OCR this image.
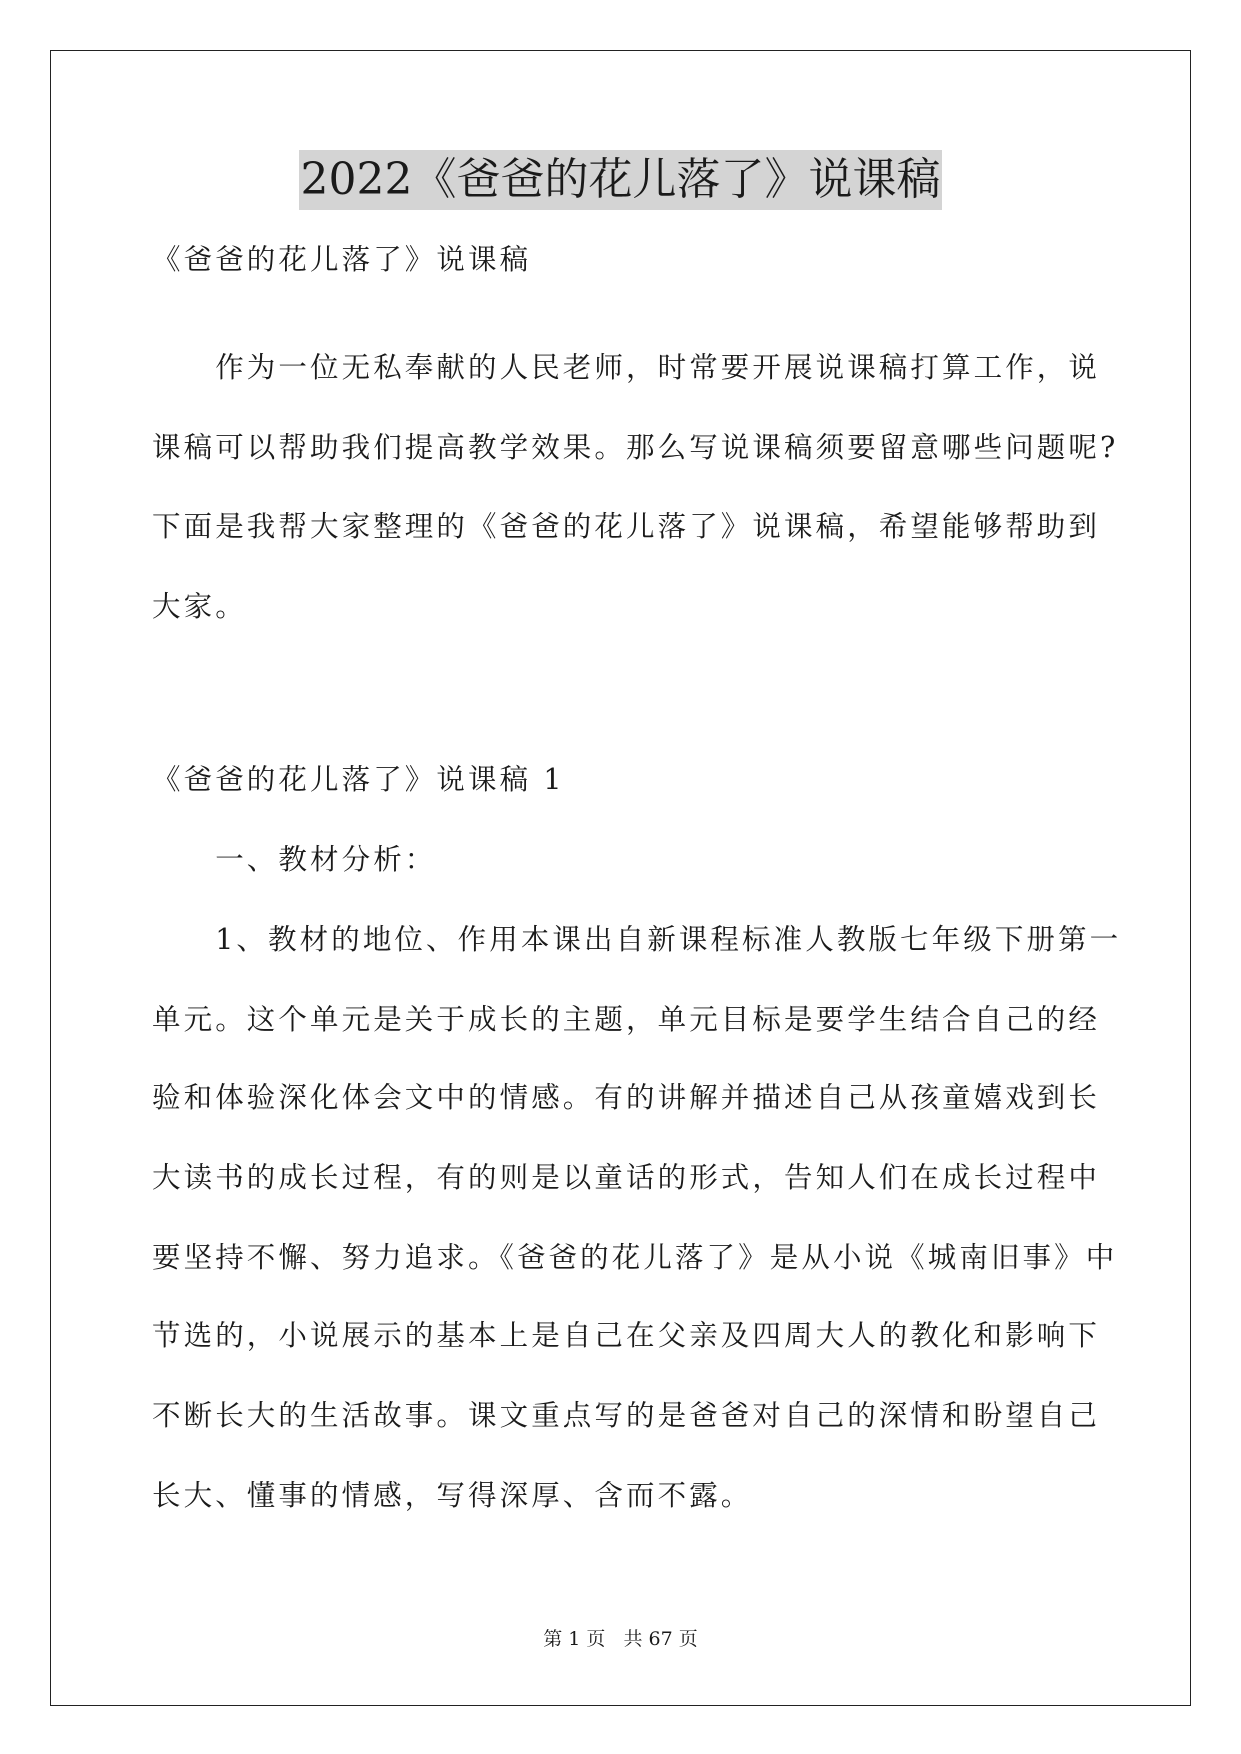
2022《爸爸的花儿落了》说课稿
《爸爸的花儿落了》说课稿
　　作为一位无私奉献的人民老师，时常要开展说课稿打算工作，说
课稿可以帮助我们提高教学效果。那么写说课稿须要留意哪些问题呢?
下面是我帮大家整理的《爸爸的花儿落了》说课稿，希望能够帮助到
大家。
《爸爸的花儿落了》说课稿 1
　　一、教材分析：
　　1、教材的地位、作用本课出自新课程标准人教版七年级下册第一
单元。这个单元是关于成长的主题，单元目标是要学生结合自己的经
验和体验深化体会文中的情感。有的讲解并描述自己从孩童嬉戏到长
大读书的成长过程，有的则是以童话的形式，告知人们在成长过程中
要坚持不懈、努力追求。《爸爸的花儿落了》是从小说《城南旧事》中
节选的，小说展示的基本上是自己在父亲及四周大人的教化和影响下
不断长大的生活故事。课文重点写的是爸爸对自己的深情和盼望自己
长大、懂事的情感，写得深厚、含而不露。
第 1 页   共 67 页
